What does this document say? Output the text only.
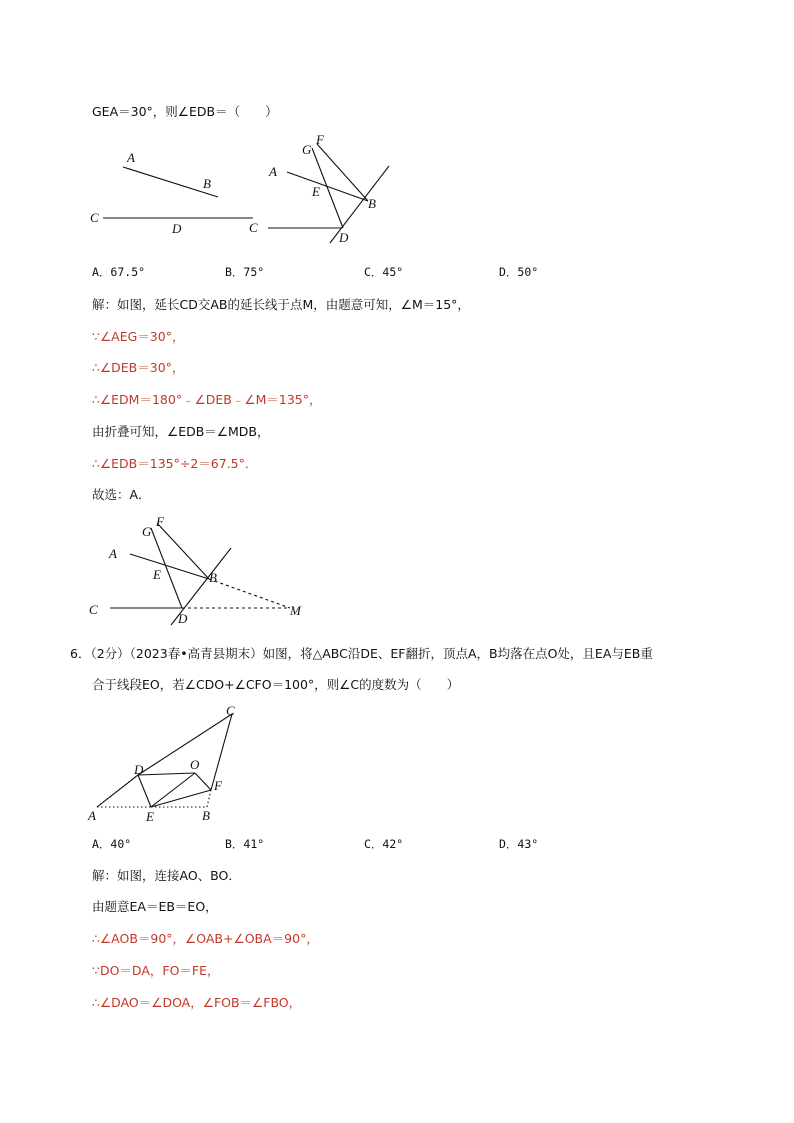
GEA＝30°，则∠EDB＝（　　）
A
B
C
D
A
B
C
D
E
F
G
A．67.5°	B．75°	C．45°	D．50°
解：如图，延长CD交AB的延长线于点M，由题意可知，∠M＝15°，
∵∠AEG＝30°，
∴∠DEB＝30°，
∴∠EDM＝180°﹣∠DEB﹣∠M＝135°，
由折叠可知，∠EDB＝∠MDB，
∴∠EDB＝135°÷2＝67.5°．
故选：A．
A
B
C
D
E
F
G
M
6．（2分）（2023春•高青县期末）如图，将△ABC沿DE、EF翻折，顶点A，B均落在点O处，且EA与EB重
合于线段EO，若∠CDO+∠CFO＝100°，则∠C的度数为（　　）
A	B
C
D
E
F
O
A．40°	B．41°	C．42°	D．43°
解：如图，连接AO、BO．
由题意EA＝EB＝EO，
∴∠AOB＝90°，∠OAB+∠OBA＝90°，
∵DO＝DA，FO＝FE，
∴∠DAO＝∠DOA，∠FOB＝∠FBO，
